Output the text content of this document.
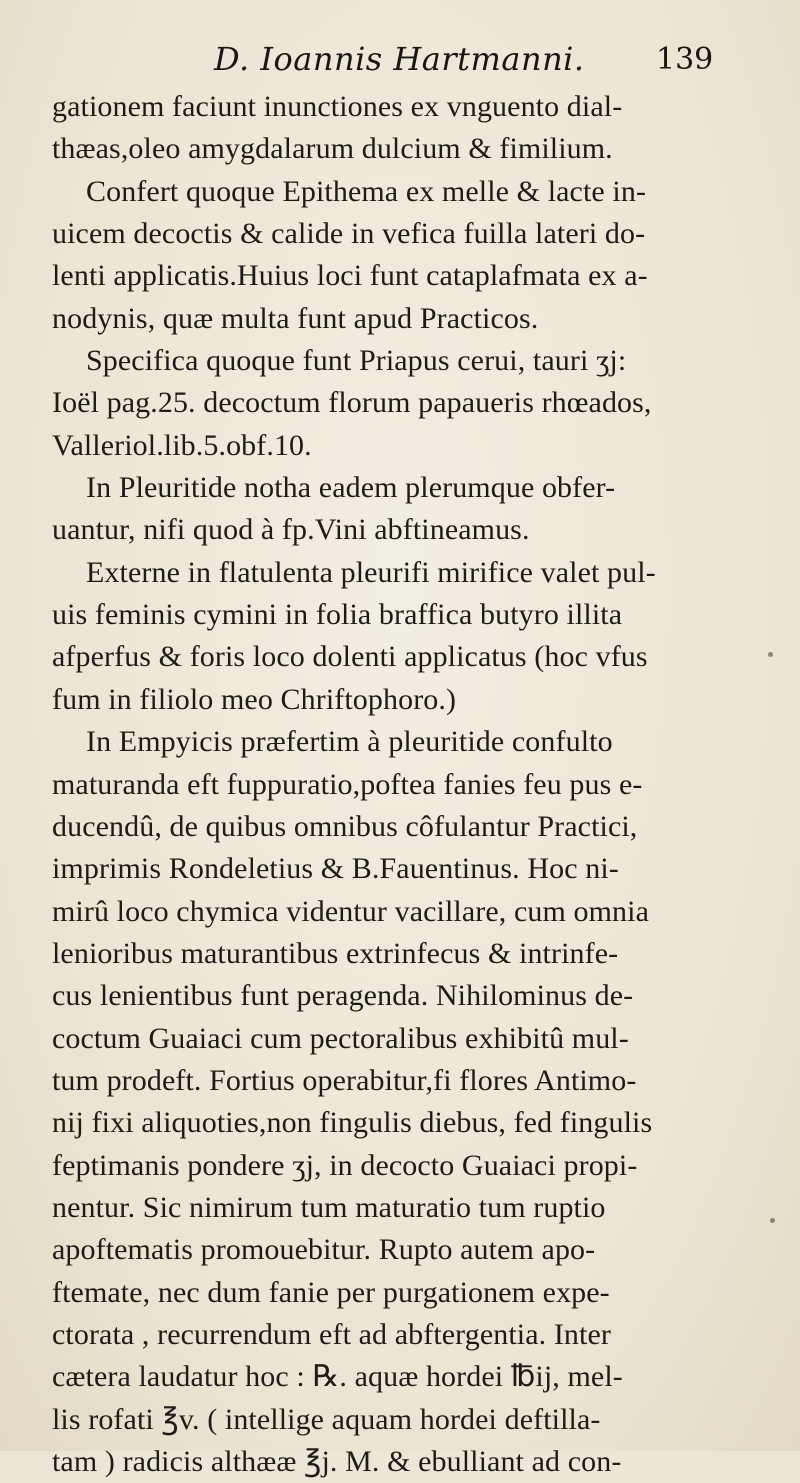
D. Ioannis Hartmanni. 139
gationem faciunt inunctiones ex vnguento dial-
thæas,oleo amygdalarum dulcium & fimilium.
Confert quoque Epithema ex melle & lacte in-
uicem decoctis & calide in vefica fuilla lateri do-
lenti applicatis.Huius loci funt cataplafmata ex a-
nodynis, quæ multa funt apud Practicos.
Specifica quoque funt Priapus cerui, tauri ʒj:
Ioël pag.25. decoctum florum papaueris rhœados,
Valleriol.lib.5.obf.10.
In Pleuritide notha eadem plerumque obfer-
uantur, nifi quod à fp.Vini abftineamus.
Externe in flatulenta pleurifi mirifice valet pul-
uis feminis cymini in folia braffica butyro illita
afperfus & foris loco dolenti applicatus (hoc vfus
fum in filiolo meo Chriftophoro.)
In Empyicis præfertim à pleuritide confulto
maturanda eft fuppuratio,poftea fanies feu pus e-
ducendû, de quibus omnibus côfulantur Practici,
imprimis Rondeletius & B.Fauentinus. Hoc ni-
mirû loco chymica videntur vacillare, cum omnia
lenioribus maturantibus extrinfecus & intrinfe-
cus lenientibus funt peragenda. Nihilominus de-
coctum Guaiaci cum pectoralibus exhibitû mul-
tum prodeft. Fortius operabitur,fi flores Antimo-
nij fixi aliquoties,non fingulis diebus, fed fingulis
feptimanis pondere ʒj, in decocto Guaiaci propi-
nentur. Sic nimirum tum maturatio tum ruptio
apoftematis promouebitur. Rupto autem apo-
ftemate, nec dum fanie per purgationem expe-
ctorata , recurrendum eft ad abftergentia. Inter
cætera laudatur hoc : ℞. aquæ hordei ℔ij, mel-
lis rofati ℥v. ( intellige aquam hordei deftilla-
tam ) radicis althææ ℥j. M. & ebulliant ad con-
